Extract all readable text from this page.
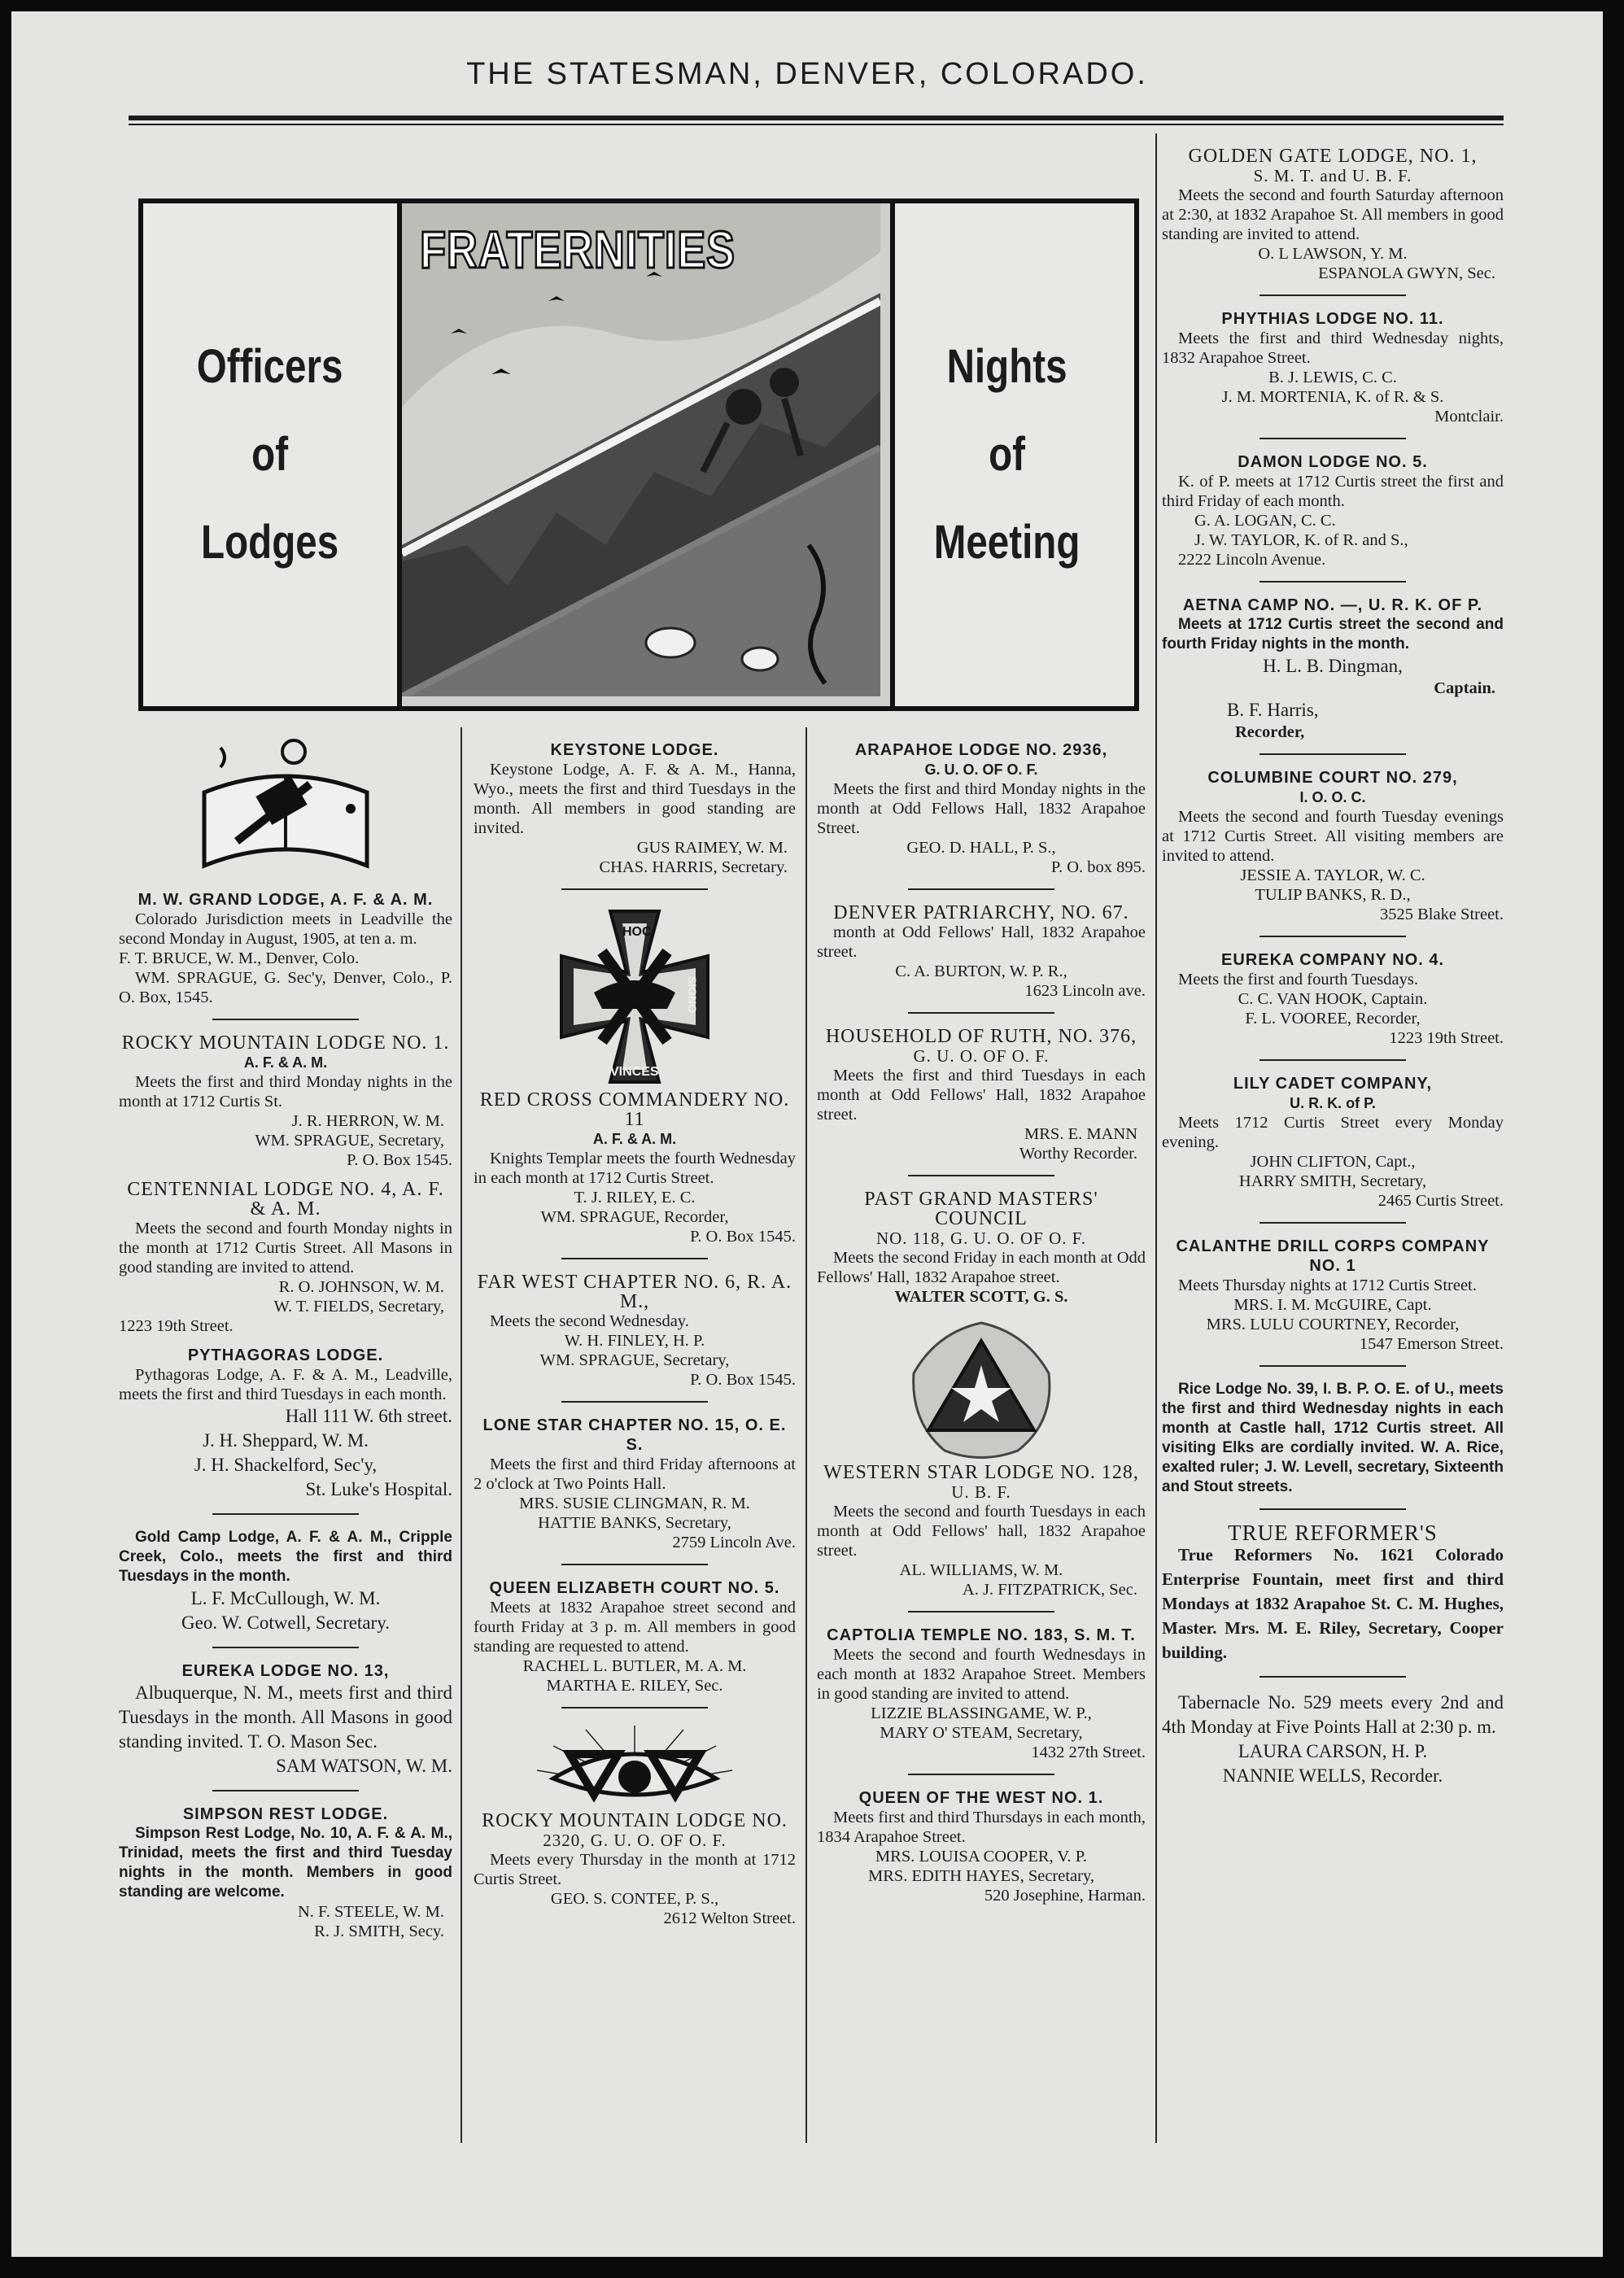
THE STATESMAN, DENVER, COLORADO.
Officers
of
Lodges
FRATERNITIES
Nights
of
Meeting
M. W. GRAND LODGE, A. F. & A. M.
Colorado Jurisdiction meets in Leadville the second Monday in August, 1905, at ten a. m.
F. T. BRUCE, W. M., Denver, Colo.
WM. SPRAGUE, G. Sec'y, Denver, Colo., P. O. Box, 1545.
ROCKY MOUNTAIN LODGE NO. 1.
A. F. & A. M.
Meets the first and third Monday nights in the month at 1712 Curtis St.
J. R. HERRON, W. M.
WM. SPRAGUE, Secretary,
P. O. Box 1545.
CENTENNIAL LODGE NO. 4, A. F. & A. M.
Meets the second and fourth Monday nights in the month at 1712 Curtis Street. All Masons in good standing are invited to attend.
R. O. JOHNSON, W. M.
W. T. FIELDS, Secretary,
1223 19th Street.
PYTHAGORAS LODGE.
Pythagoras Lodge, A. F. & A. M., Leadville, meets the first and third Tuesdays in each month.
Hall 111 W. 6th street.
J. H. Sheppard, W. M.
J. H. Shackelford, Sec'y,
St. Luke's Hospital.
Gold Camp Lodge, A. F. & A. M., Cripple Creek, Colo., meets the first and third Tuesdays in the month.
L. F. McCullough, W. M.
Geo. W. Cotwell, Secretary.
EUREKA LODGE NO. 13,
Albuquerque, N. M., meets first and third Tuesdays in the month. All Masons in good standing invited. T. O. Mason Sec.
SAM WATSON, W. M.
SIMPSON REST LODGE.
Simpson Rest Lodge, No. 10, A. F. & A. M., Trinidad, meets the first and third Tuesday nights in the month. Members in good standing are welcome.
N. F. STEELE, W. M.
R. J. SMITH, Secy.
KEYSTONE LODGE.
Keystone Lodge, A. F. & A. M., Hanna, Wyo., meets the first and third Tuesdays in the month. All members in good standing are invited.
GUS RAIMEY, W. M.
CHAS. HARRIS, Secretary.
HOC
VINCES
SIGNO
RED CROSS COMMANDERY NO. 11
A. F. & A. M.
Knights Templar meets the fourth Wednesday in each month at 1712 Curtis Street.
T. J. RILEY, E. C.
WM. SPRAGUE, Recorder,
P. O. Box 1545.
FAR WEST CHAPTER NO. 6, R. A. M.,
Meets the second Wednesday.
W. H. FINLEY, H. P.
WM. SPRAGUE, Secretary,
P. O. Box 1545.
LONE STAR CHAPTER NO. 15, O. E. S.
Meets the first and third Friday afternoons at 2 o'clock at Two Points Hall.
MRS. SUSIE CLINGMAN, R. M.
HATTIE BANKS, Secretary,
2759 Lincoln Ave.
QUEEN ELIZABETH COURT NO. 5.
Meets at 1832 Arapahoe street second and fourth Friday at 3 p. m. All members in good standing are requested to attend.
RACHEL L. BUTLER, M. A. M.
MARTHA E. RILEY, Sec.
ROCKY MOUNTAIN LODGE NO.
2320, G. U. O. OF O. F.
Meets every Thursday in the month at 1712 Curtis Street.
GEO. S. CONTEE, P. S.,
2612 Welton Street.
ARAPAHOE LODGE NO. 2936,
G. U. O. OF O. F.
Meets the first and third Monday nights in the month at Odd Fellows Hall, 1832 Arapahoe Street.
GEO. D. HALL, P. S.,
P. O. box 895.
DENVER PATRIARCHY, NO. 67.
month at Odd Fellows' Hall, 1832 Arapahoe street.
C. A. BURTON, W. P. R.,
1623 Lincoln ave.
HOUSEHOLD OF RUTH, NO. 376,
G. U. O. OF O. F.
Meets the first and third Tuesdays in each month at Odd Fellows' Hall, 1832 Arapahoe street.
MRS. E. MANN
Worthy Recorder.
PAST GRAND MASTERS' COUNCIL
NO. 118, G. U. O. OF O. F.
Meets the second Friday in each month at Odd Fellows' Hall, 1832 Arapahoe street.
WALTER SCOTT, G. S.
WESTERN STAR LODGE NO. 128,
U. B. F.
Meets the second and fourth Tuesdays in each month at Odd Fellows' hall, 1832 Arapahoe street.
AL. WILLIAMS, W. M.
A. J. FITZPATRICK, Sec.
CAPTOLIA TEMPLE NO. 183, S. M. T.
Meets the second and fourth Wednesdays in each month at 1832 Arapahoe Street. Members in good standing are invited to attend.
LIZZIE BLASSINGAME, W. P.,
MARY O' STEAM, Secretary,
1432 27th Street.
QUEEN OF THE WEST NO. 1.
Meets first and third Thursdays in each month, 1834 Arapahoe Street.
MRS. LOUISA COOPER, V. P.
MRS. EDITH HAYES, Secretary,
520 Josephine, Harman.
GOLDEN GATE LODGE, NO. 1,
S. M. T. and U. B. F.
Meets the second and fourth Saturday afternoon at 2:30, at 1832 Arapahoe St. All members in good standing are invited to attend.
O. L LAWSON, Y. M.
ESPANOLA GWYN, Sec.
PHYTHIAS LODGE NO. 11.
Meets the first and third Wednesday nights, 1832 Arapahoe Street.
B. J. LEWIS, C. C.
J. M. MORTENIA, K. of R. & S.
Montclair.
DAMON LODGE NO. 5.
K. of P. meets at 1712 Curtis street the first and third Friday of each month.
G. A. LOGAN, C. C.
J. W. TAYLOR, K. of R. and S.,
2222 Lincoln Avenue.
AETNA CAMP NO. —, U. R. K. OF P.
Meets at 1712 Curtis street the second and fourth Friday nights in the month.
H. L. B. Dingman,
Captain.
B. F. Harris,
Recorder,
COLUMBINE COURT NO. 279,
I. O. O. C.
Meets the second and fourth Tuesday evenings at 1712 Curtis Street. All visiting members are invited to attend.
JESSIE A. TAYLOR, W. C.
TULIP BANKS, R. D.,
3525 Blake Street.
EUREKA COMPANY NO. 4.
Meets the first and fourth Tuesdays.
C. C. VAN HOOK, Captain.
F. L. VOOREE, Recorder,
1223 19th Street.
LILY CADET COMPANY,
U. R. K. of P.
Meets 1712 Curtis Street every Monday evening.
JOHN CLIFTON, Capt.,
HARRY SMITH, Secretary,
2465 Curtis Street.
CALANTHE DRILL CORPS COMPANY NO. 1
Meets Thursday nights at 1712 Curtis Street.
MRS. I. M. McGUIRE, Capt.
MRS. LULU COURTNEY, Recorder,
1547 Emerson Street.
Rice Lodge No. 39, I. B. P. O. E. of U., meets the first and third Wednesday nights in each month at Castle hall, 1712 Curtis street. All visiting Elks are cordially invited. W. A. Rice, exalted ruler; J. W. Levell, secretary, Sixteenth and Stout streets.
TRUE REFORMER'S
True Reformers No. 1621 Colorado Enterprise Fountain, meet first and third Mondays at 1832 Arapahoe St. C. M. Hughes, Master. Mrs. M. E. Riley, Secretary, Cooper building.
Tabernacle No. 529 meets every 2nd and 4th Monday at Five Points Hall at 2:30 p. m.
LAURA CARSON, H. P.
NANNIE WELLS, Recorder.
